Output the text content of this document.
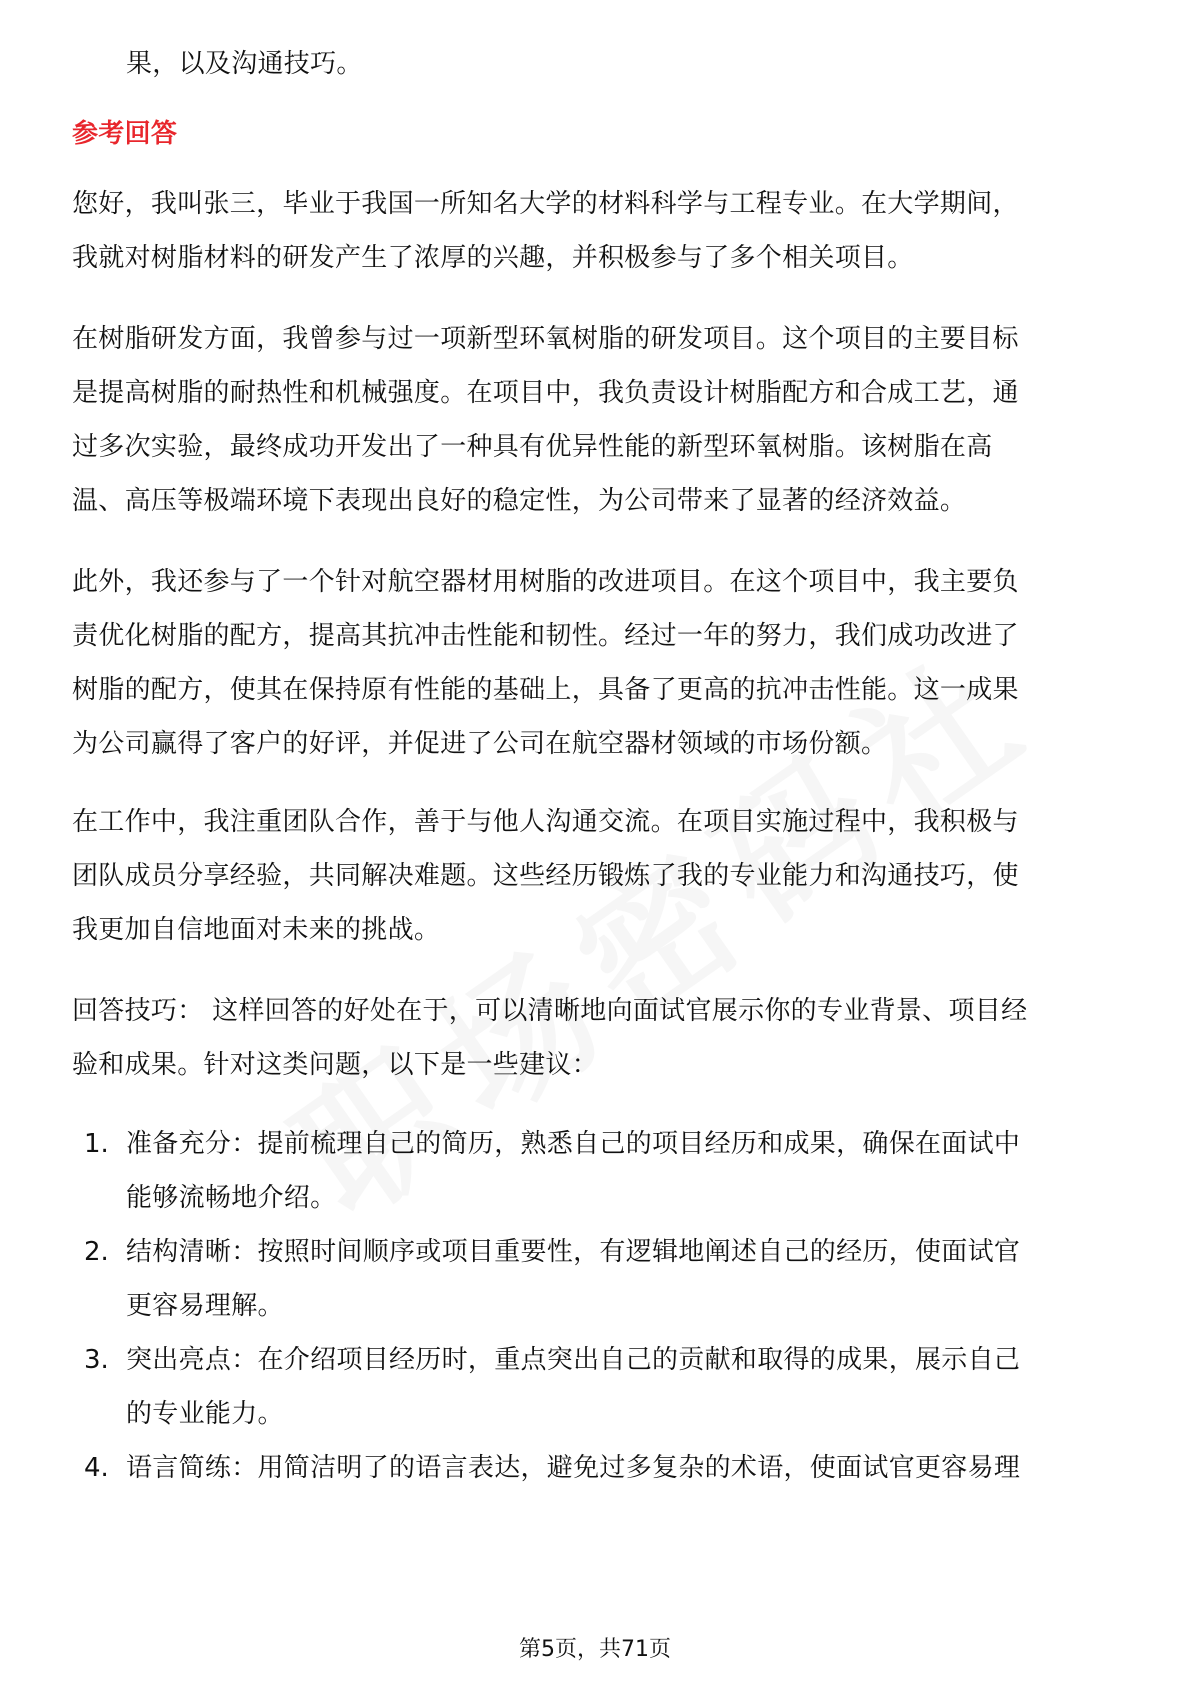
果，以及沟通技巧。
参考回答
您好，我叫张三，毕业于我国一所知名大学的材料科学与工程专业。在大学期间，
我就对树脂材料的研发产生了浓厚的兴趣，并积极参与了多个相关项目。
在树脂研发方面，我曾参与过一项新型环氧树脂的研发项目。这个项目的主要目标
是提高树脂的耐热性和机械强度。在项目中，我负责设计树脂配方和合成工艺，通
过多次实验，最终成功开发出了一种具有优异性能的新型环氧树脂。该树脂在高
温、高压等极端环境下表现出良好的稳定性，为公司带来了显著的经济效益。
此外，我还参与了一个针对航空器材用树脂的改进项目。在这个项目中，我主要负
责优化树脂的配方，提高其抗冲击性能和韧性。经过一年的努力，我们成功改进了
树脂的配方，使其在保持原有性能的基础上，具备了更高的抗冲击性能。这一成果
为公司赢得了客户的好评，并促进了公司在航空器材领域的市场份额。
在工作中，我注重团队合作，善于与他人沟通交流。在项目实施过程中，我积极与
团队成员分享经验，共同解决难题。这些经历锻炼了我的专业能力和沟通技巧，使
我更加自信地面对未来的挑战。
回答技巧： 这样回答的好处在于，可以清晰地向面试官展示你的专业背景、项目经
验和成果。针对这类问题，以下是一些建议：
1. 准备充分：提前梳理自己的简历，熟悉自己的项目经历和成果，确保在面试中
能够流畅地介绍。
2. 结构清晰：按照时间顺序或项目重要性，有逻辑地阐述自己的经历，使面试官
更容易理解。
3. 突出亮点：在介绍项目经历时，重点突出自己的贡献和取得的成果，展示自己
的专业能力。
4. 语言简练：用简洁明了的语言表达，避免过多复杂的术语，使面试官更容易理
第5页，共71页
